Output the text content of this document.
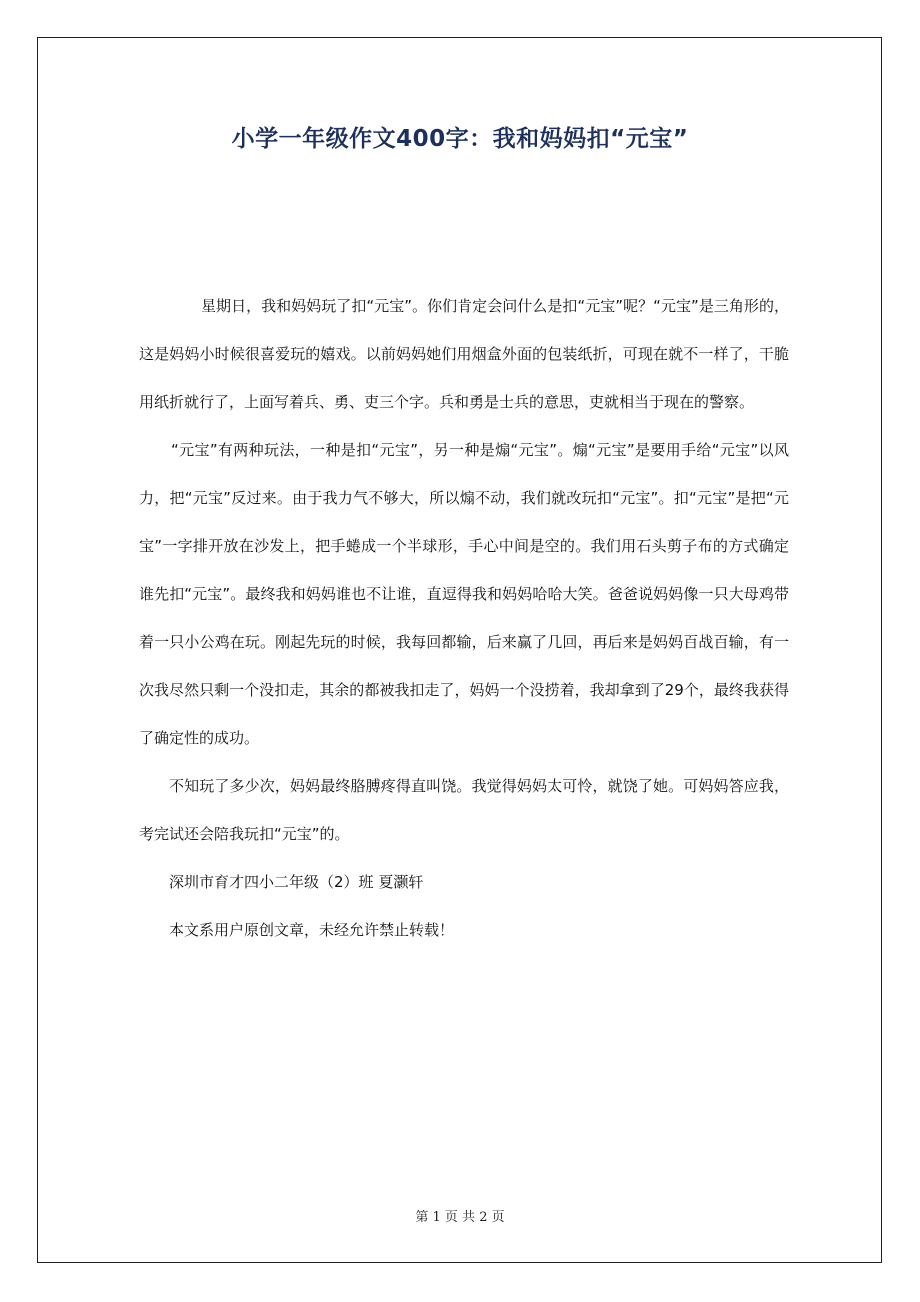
小学一年级作文400字：我和妈妈扣“元宝”

星期日，我和妈妈玩了扣“元宝”。你们肯定会问什么是扣“元宝”呢？“元宝”是三角形的，这是妈妈小时候很喜爱玩的嬉戏。以前妈妈她们用烟盒外面的包装纸折，可现在就不一样了，干脆用纸折就行了，上面写着兵、勇、吏三个字。兵和勇是士兵的意思，吏就相当于现在的警察。

“元宝”有两种玩法，一种是扣“元宝”，另一种是煽“元宝”。煽“元宝”是要用手给“元宝”以风力，把“元宝”反过来。由于我力气不够大，所以煽不动，我们就改玩扣“元宝”。扣“元宝”是把“元宝”一字排开放在沙发上，把手蜷成一个半球形，手心中间是空的。我们用石头剪子布的方式确定谁先扣“元宝”。最终我和妈妈谁也不让谁，直逗得我和妈妈哈哈大笑。爸爸说妈妈像一只大母鸡带着一只小公鸡在玩。刚起先玩的时候，我每回都输，后来赢了几回，再后来是妈妈百战百输，有一次我尽然只剩一个没扣走，其余的都被我扣走了，妈妈一个没捞着，我却拿到了29个，最终我获得了确定性的成功。

不知玩了多少次，妈妈最终胳膊疼得直叫饶。我觉得妈妈太可怜，就饶了她。可妈妈答应我，考完试还会陪我玩扣“元宝”的。

深圳市育才四小二年级（2）班 夏灏轩

本文系用户原创文章，未经允许禁止转载！

第 1 页 共 2 页
